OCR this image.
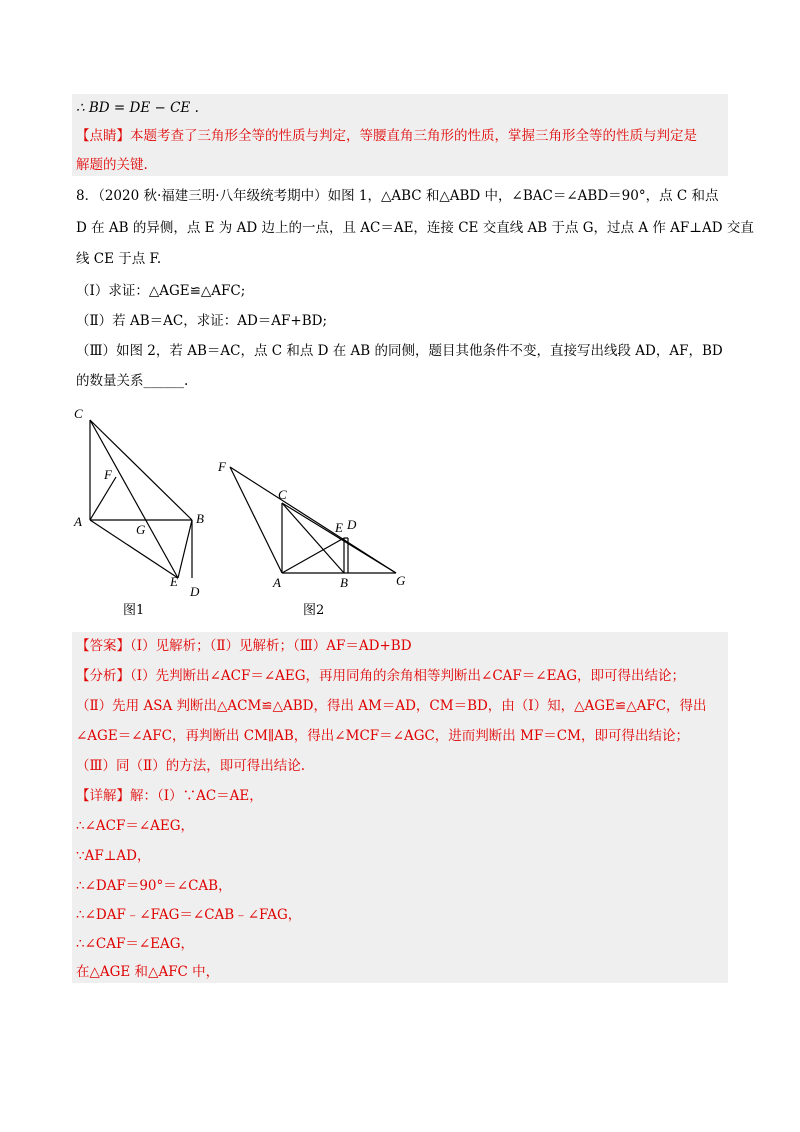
∴ BD = DE − CE .
【点睛】本题考查了三角形全等的性质与判定，等腰直角三角形的性质，掌握三角形全等的性质与判定是
解题的关键.
8．（2020 秋·福建三明·八年级统考期中）如图 1，△ABC 和△ABD 中，∠BAC＝∠ABD＝90°，点 C 和点
D 在 AB 的异侧，点 E 为 AD 边上的一点，且 AC＝AE，连接 CE 交直线 AB 于点 G，过点 A 作 AF⊥AD 交直
线 CE 于点 F.
（Ⅰ）求证：△AGE≌△AFC;
（Ⅱ）若 AB＝AC，求证：AD＝AF+BD;
（Ⅲ）如图 2，若 AB＝AC，点 C 和点 D 在 AB 的同侧，题目其他条件不变，直接写出线段 AD，AF，BD
的数量关系______.
C
F
A
G
B
E
D
图1
F
C
E D
A	B	G
图2
【答案】（Ⅰ）见解析；（Ⅱ）见解析；（Ⅲ）AF＝AD+BD
【分析】（Ⅰ）先判断出∠ACF＝∠AEG，再用同角的余角相等判断出∠CAF＝∠EAG，即可得出结论；
（Ⅱ）先用 ASA 判断出△ACM≌△ABD，得出 AM＝AD，CM＝BD，由（Ⅰ）知，△AGE≌△AFC，得出
∠AGE＝∠AFC，再判断出 CM∥AB，得出∠MCF＝∠AGC，进而判断出 MF＝CM，即可得出结论；
（Ⅲ）同（Ⅱ）的方法，即可得出结论.
【详解】解：（Ⅰ）∵AC＝AE，
∴∠ACF＝∠AEG，
∵AF⊥AD，
∴∠DAF＝90°＝∠CAB，
∴∠DAF﹣∠FAG＝∠CAB﹣∠FAG，
∴∠CAF＝∠EAG，
在△AGE 和△AFC 中，
